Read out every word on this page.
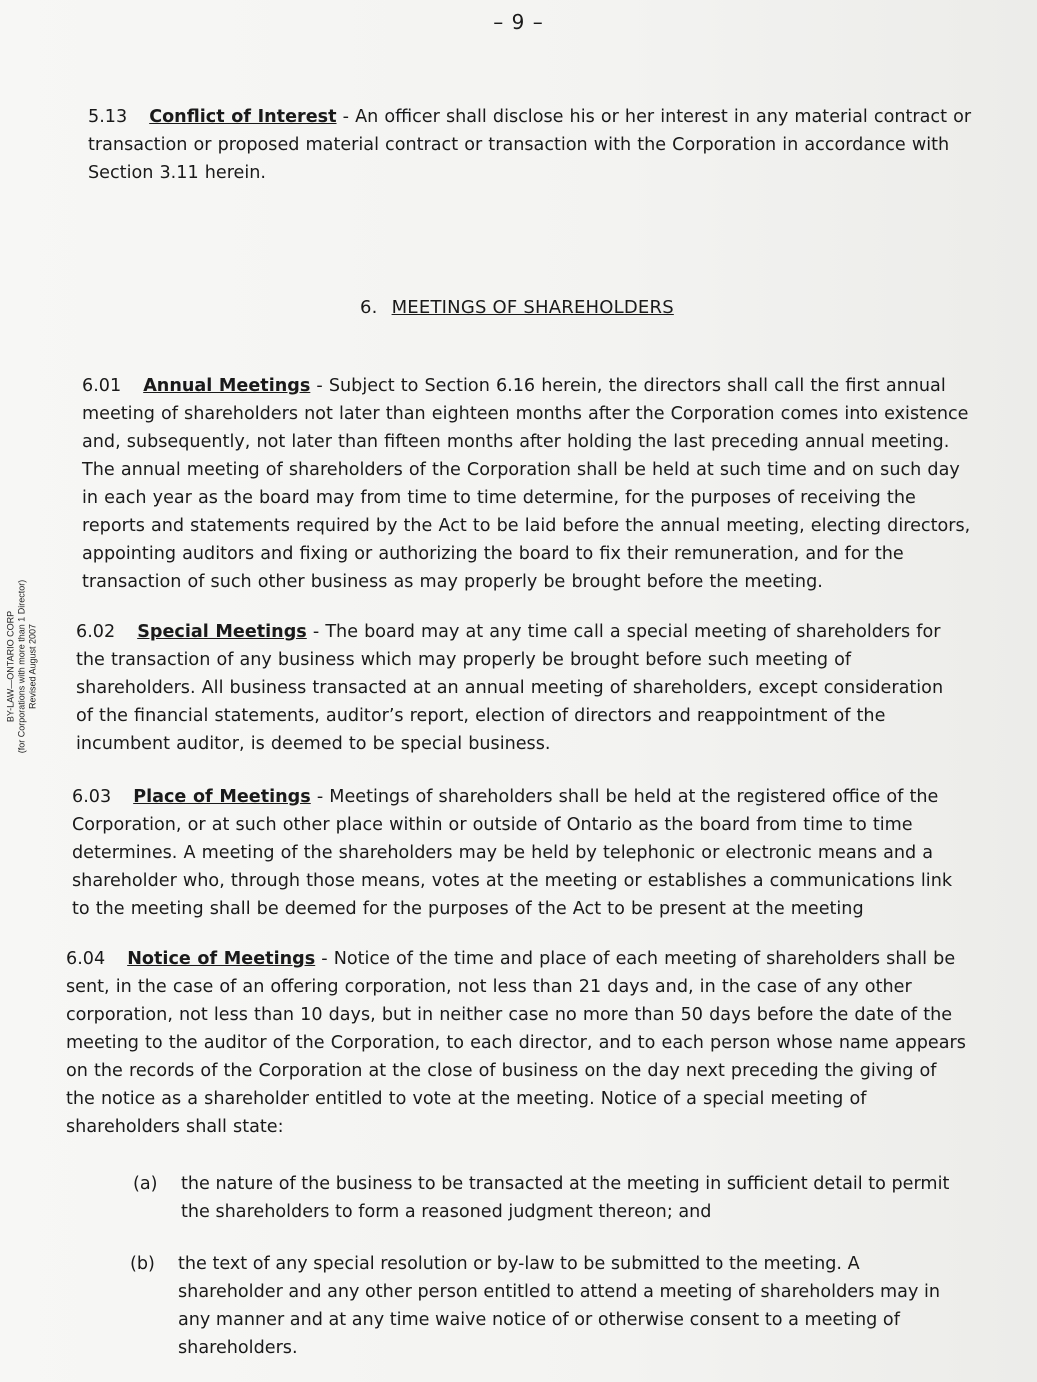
– 9 –
BY-LAW—ONTARIO CORP (for Corporations with more than 1 Director) Revised August 2007
5.13 Conflict of Interest - An officer shall disclose his or her interest in any material contract or transaction or proposed material contract or transaction with the Corporation in accordance with Section 3.11 herein.
6. MEETINGS OF SHAREHOLDERS
6.01 Annual Meetings - Subject to Section 6.16 herein, the directors shall call the first annual meeting of shareholders not later than eighteen months after the Corporation comes into existence and, subsequently, not later than fifteen months after holding the last preceding annual meeting. The annual meeting of shareholders of the Corporation shall be held at such time and on such day in each year as the board may from time to time determine, for the purposes of receiving the reports and statements required by the Act to be laid before the annual meeting, electing directors, appointing auditors and fixing or authorizing the board to fix their remuneration, and for the transaction of such other business as may properly be brought before the meeting.
6.02 Special Meetings - The board may at any time call a special meeting of shareholders for the transaction of any business which may properly be brought before such meeting of shareholders. All business transacted at an annual meeting of shareholders, except consideration of the financial statements, auditor’s report, election of directors and reappointment of the incumbent auditor, is deemed to be special business.
6.03 Place of Meetings - Meetings of shareholders shall be held at the registered office of the Corporation, or at such other place within or outside of Ontario as the board from time to time determines. A meeting of the shareholders may be held by telephonic or electronic means and a shareholder who, through those means, votes at the meeting or establishes a communications link to the meeting shall be deemed for the purposes of the Act to be present at the meeting
6.04 Notice of Meetings - Notice of the time and place of each meeting of shareholders shall be sent, in the case of an offering corporation, not less than 21 days and, in the case of any other corporation, not less than 10 days, but in neither case no more than 50 days before the date of the meeting to the auditor of the Corporation, to each director, and to each person whose name appears on the records of the Corporation at the close of business on the day next preceding the giving of the notice as a shareholder entitled to vote at the meeting. Notice of a special meeting of shareholders shall state:
(a) the nature of the business to be transacted at the meeting in sufficient detail to permit the shareholders to form a reasoned judgment thereon; and
(b) the text of any special resolution or by-law to be submitted to the meeting. A shareholder and any other person entitled to attend a meeting of shareholders may in any manner and at any time waive notice of or otherwise consent to a meeting of shareholders.
